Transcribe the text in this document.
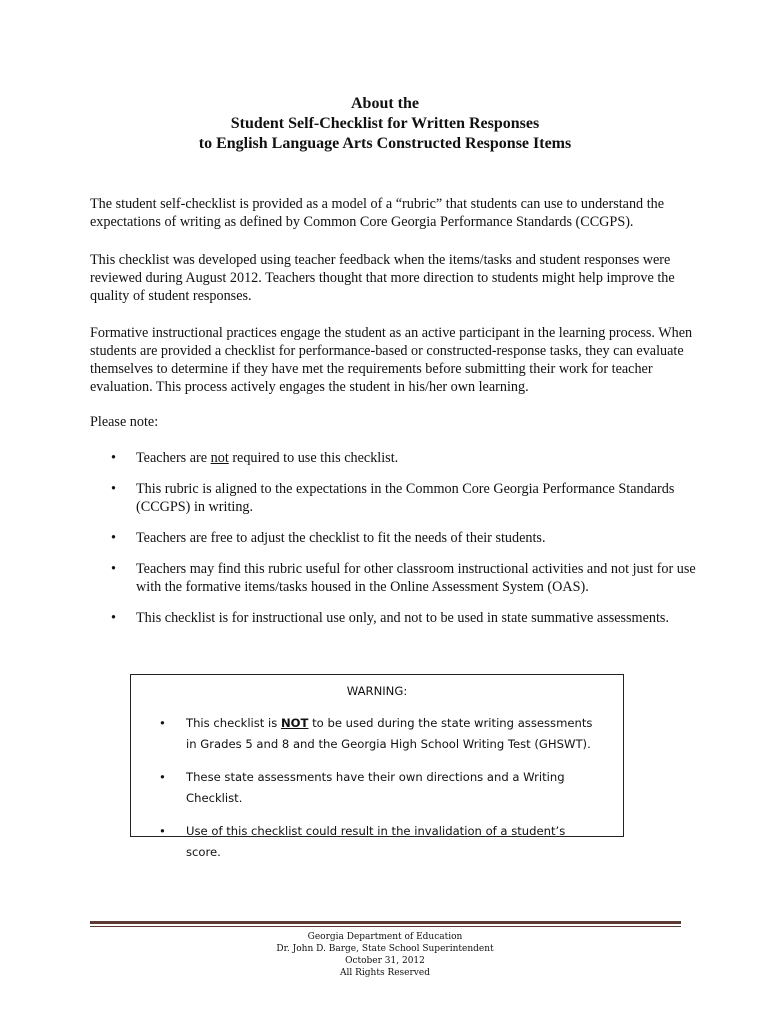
About the
Student Self-Checklist for Written Responses
to English Language Arts Constructed Response Items

The student self-checklist is provided as a model of a “rubric” that students can use to understand the expectations of writing as defined by Common Core Georgia Performance Standards (CCGPS).

This checklist was developed using teacher feedback when the items/tasks and student responses were reviewed during August 2012. Teachers thought that more direction to students might help improve the quality of student responses.

Formative instructional practices engage the student as an active participant in the learning process. When students are provided a checklist for performance-based or constructed-response tasks, they can evaluate themselves to determine if they have met the requirements before submitting their work for teacher evaluation. This process actively engages the student in his/her own learning.

Please note:

• Teachers are not required to use this checklist.
• This rubric is aligned to the expectations in the Common Core Georgia Performance Standards (CCGPS) in writing.
• Teachers are free to adjust the checklist to fit the needs of their students.
• Teachers may find this rubric useful for other classroom instructional activities and not just for use with the formative items/tasks housed in the Online Assessment System (OAS).
• This checklist is for instructional use only, and not to be used in state summative assessments.
WARNING:
• This checklist is NOT to be used during the state writing assessments in Grades 5 and 8 and the Georgia High School Writing Test (GHSWT).
• These state assessments have their own directions and a Writing Checklist.
• Use of this checklist could result in the invalidation of a student’s score.
Georgia Department of Education
Dr. John D. Barge, State School Superintendent
October 31, 2012
All Rights Reserved
